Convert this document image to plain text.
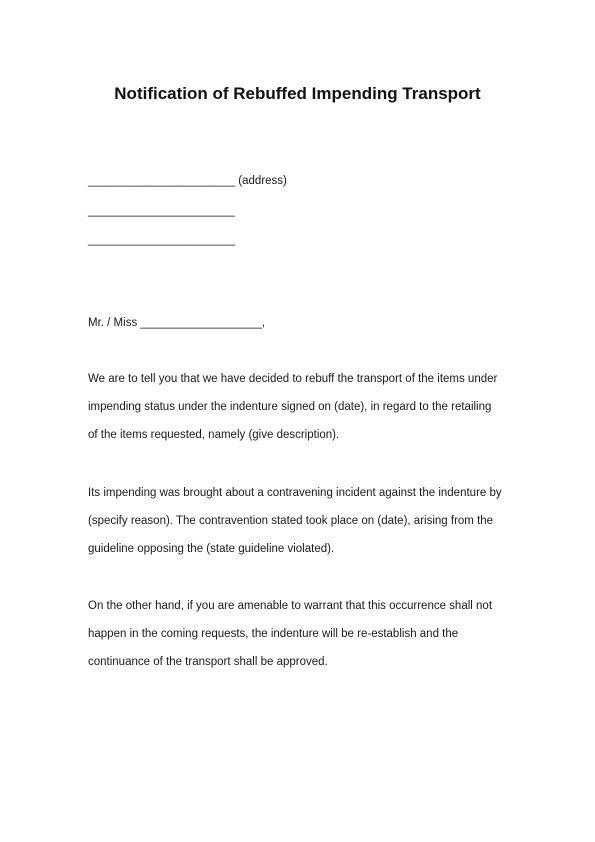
Notification of Rebuffed Impending Transport
_______________________ (address)
_______________________
_______________________
Mr. / Miss ___________________,
We are to tell you that we have decided to rebuff the transport of the items under
impending status under the indenture signed on (date), in regard to the retailing
of the items requested, namely (give description).
Its impending was brought about a contravening incident against the indenture by
(specify reason). The contravention stated took place on (date), arising from the
guideline opposing the (state guideline violated).
On the other hand, if you are amenable to warrant that this occurrence shall not
happen in the coming requests, the indenture will be re-establish and the
continuance of the transport shall be approved.
